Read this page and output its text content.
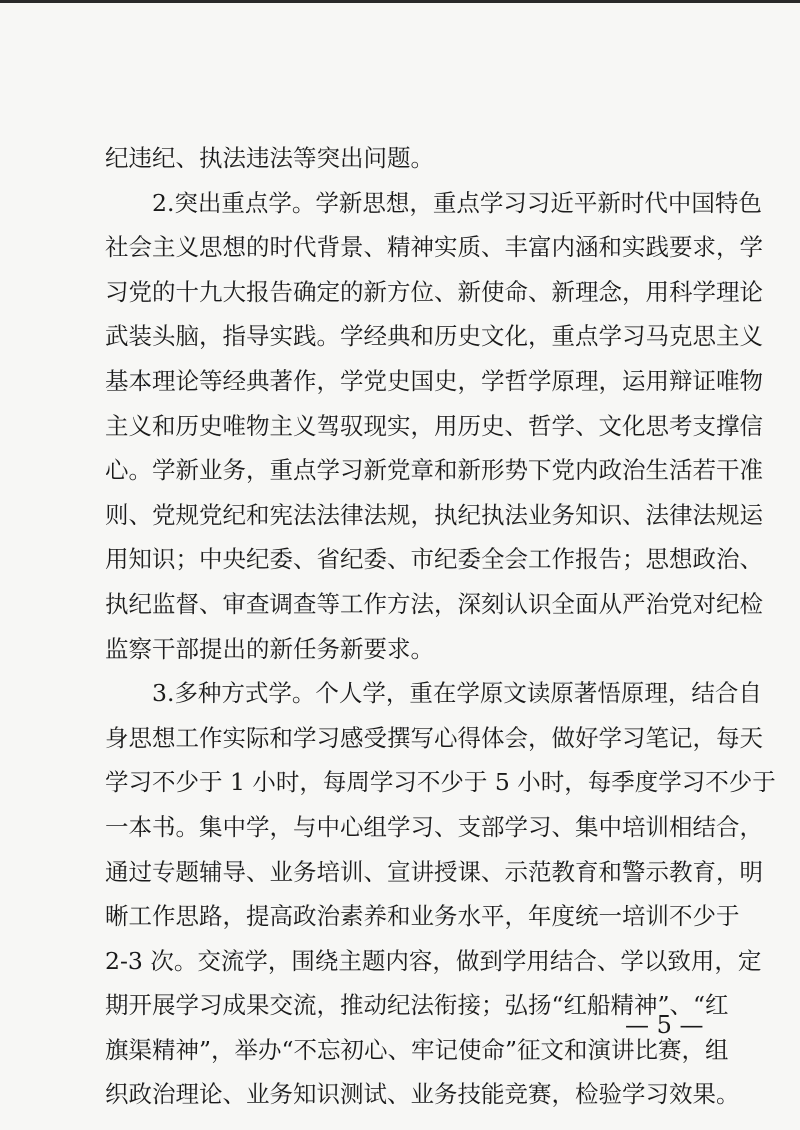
纪违纪、执法违法等突出问题。
2.突出重点学。学新思想，重点学习习近平新时代中国特色
社会主义思想的时代背景、精神实质、丰富内涵和实践要求，学
习党的十九大报告确定的新方位、新使命、新理念，用科学理论
武装头脑，指导实践。学经典和历史文化，重点学习马克思主义
基本理论等经典著作，学党史国史，学哲学原理，运用辩证唯物
主义和历史唯物主义驾驭现实，用历史、哲学、文化思考支撑信
心。学新业务，重点学习新党章和新形势下党内政治生活若干准
则、党规党纪和宪法法律法规，执纪执法业务知识、法律法规运
用知识；中央纪委、省纪委、市纪委全会工作报告；思想政治、
执纪监督、审查调查等工作方法，深刻认识全面从严治党对纪检
监察干部提出的新任务新要求。
3.多种方式学。个人学，重在学原文读原著悟原理，结合自
身思想工作实际和学习感受撰写心得体会，做好学习笔记，每天
学习不少于 1 小时，每周学习不少于 5 小时，每季度学习不少于
一本书。集中学，与中心组学习、支部学习、集中培训相结合，
通过专题辅导、业务培训、宣讲授课、示范教育和警示教育，明
晰工作思路，提高政治素养和业务水平，年度统一培训不少于
2-3 次。交流学，围绕主题内容，做到学用结合、学以致用，定
期开展学习成果交流，推动纪法衔接；弘扬“红船精神”、“红
旗渠精神”，举办“不忘初心、牢记使命”征文和演讲比赛，组
织政治理论、业务知识测试、业务技能竞赛，检验学习效果。
— 5 —
